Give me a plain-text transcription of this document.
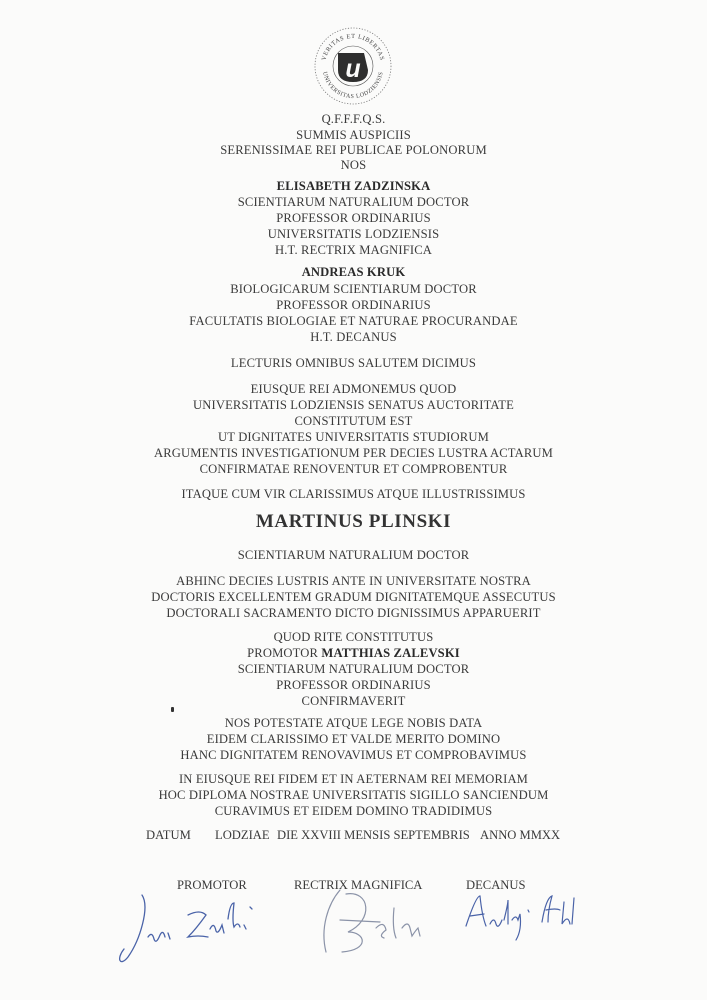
VERITAS ET LIBERTAS
UNIVERSITAS LODZIENSIS
u
Q.F.F.F.Q.S.
SUMMIS AUSPICIIS
SERENISSIMAE REI PUBLICAE POLONORUM
NOS
ELISABETH ZADZINSKA
SCIENTIARUM NATURALIUM DOCTOR
PROFESSOR ORDINARIUS
UNIVERSITATIS LODZIENSIS
H.T. RECTRIX MAGNIFICA
ANDREAS KRUK
BIOLOGICARUM SCIENTIARUM DOCTOR
PROFESSOR ORDINARIUS
FACULTATIS BIOLOGIAE ET NATURAE PROCURANDAE
H.T. DECANUS
LECTURIS OMNIBUS SALUTEM DICIMUS
EIUSQUE REI ADMONEMUS QUOD
UNIVERSITATIS LODZIENSIS SENATUS AUCTORITATE
CONSTITUTUM EST
UT DIGNITATES UNIVERSITATIS STUDIORUM
ARGUMENTIS INVESTIGATIONUM PER DECIES LUSTRA ACTARUM
CONFIRMATAE RENOVENTUR ET COMPROBENTUR
ITAQUE CUM VIR CLARISSIMUS ATQUE ILLUSTRISSIMUS
MARTINUS PLINSKI
SCIENTIARUM NATURALIUM DOCTOR
ABHINC DECIES LUSTRIS ANTE IN UNIVERSITATE NOSTRA
DOCTORIS EXCELLENTEM GRADUM DIGNITATEMQUE ASSECUTUS
DOCTORALI SACRAMENTO DICTO DIGNISSIMUS APPARUERIT
QUOD RITE CONSTITUTUS
PROMOTOR MATTHIAS ZALEVSKI
SCIENTIARUM NATURALIUM DOCTOR
PROFESSOR ORDINARIUS
CONFIRMAVERIT
NOS POTESTATE ATQUE LEGE NOBIS DATA
EIDEM CLARISSIMO ET VALDE MERITO DOMINO
HANC DIGNITATEM RENOVAVIMUS ET COMPROBAVIMUS
IN EIUSQUE REI FIDEM ET IN AETERNAM REI MEMORIAM
HOC DIPLOMA NOSTRAE UNIVERSITATIS SIGILLO SANCIENDUM
CURAVIMUS ET EIDEM DOMINO TRADIDIMUS
DATUM LODZIAE DIE XXVIII MENSIS SEPTEMBRIS ANNO MMXX
PROMOTOR	RECTRIX MAGNIFICA	DECANUS
